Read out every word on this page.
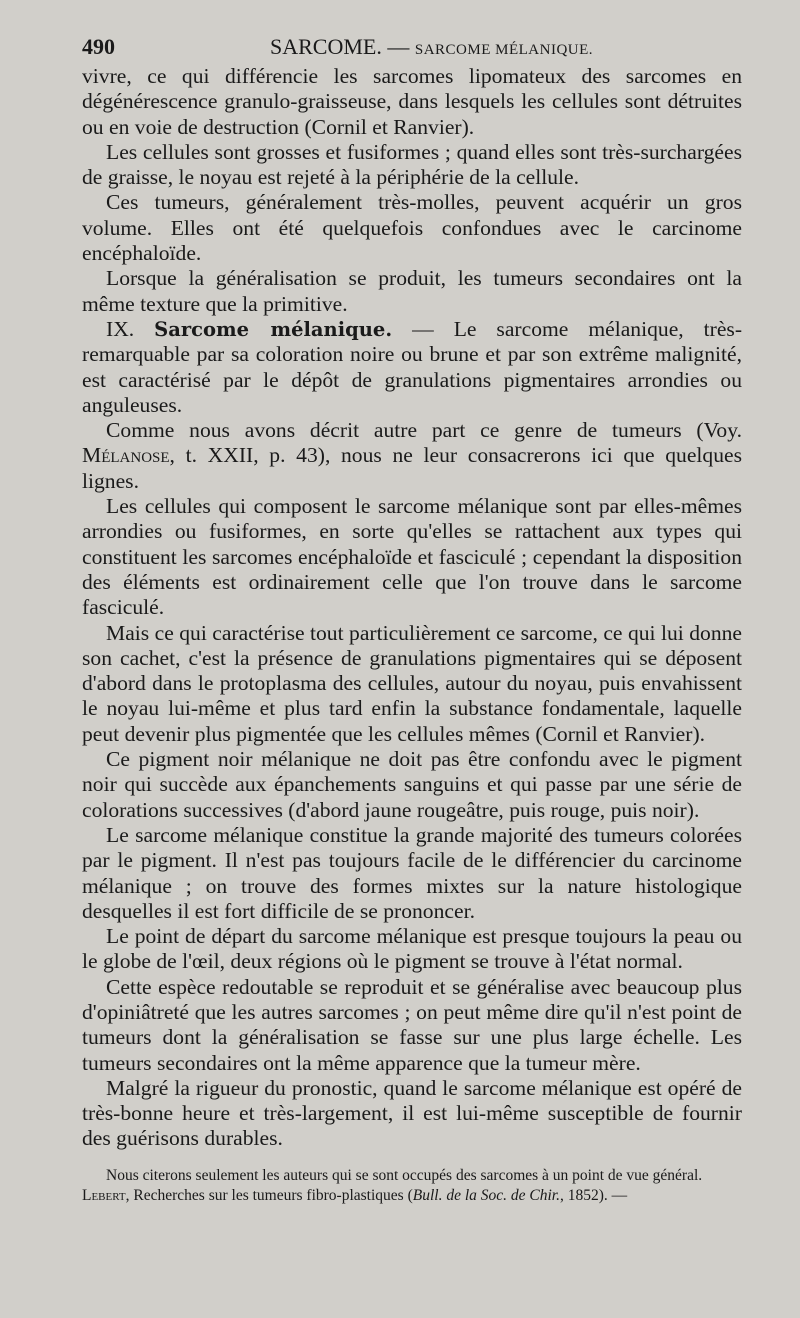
490	SARCOME. — SARCOME MÉLANIQUE.

vivre, ce qui différencie les sarcomes lipomateux des sarcomes en dégénérescence granulo-graisseuse, dans lesquels les cellules sont détruites ou en voie de destruction (Cornil et Ranvier).

Les cellules sont grosses et fusiformes ; quand elles sont très-surchargées de graisse, le noyau est rejeté à la périphérie de la cellule.

Ces tumeurs, généralement très-molles, peuvent acquérir un gros volume. Elles ont été quelquefois confondues avec le carcinome encéphaloïde.

Lorsque la généralisation se produit, les tumeurs secondaires ont la même texture que la primitive.

IX. Sarcome mélanique. — Le sarcome mélanique, très-remarquable par sa coloration noire ou brune et par son extrême malignité, est caractérisé par le dépôt de granulations pigmentaires arrondies ou anguleuses.

Comme nous avons décrit autre part ce genre de tumeurs (Voy. Mélanose, t. XXII, p. 43), nous ne leur consacrerons ici que quelques lignes.

Les cellules qui composent le sarcome mélanique sont par elles-mêmes arrondies ou fusiformes, en sorte qu'elles se rattachent aux types qui constituent les sarcomes encéphaloïde et fasciculé ; cependant la disposition des éléments est ordinairement celle que l'on trouve dans le sarcome fasciculé.

Mais ce qui caractérise tout particulièrement ce sarcome, ce qui lui donne son cachet, c'est la présence de granulations pigmentaires qui se déposent d'abord dans le protoplasma des cellules, autour du noyau, puis envahissent le noyau lui-même et plus tard enfin la substance fondamentale, laquelle peut devenir plus pigmentée que les cellules mêmes (Cornil et Ranvier).

Ce pigment noir mélanique ne doit pas être confondu avec le pigment noir qui succède aux épanchements sanguins et qui passe par une série de colorations successives (d'abord jaune rougeâtre, puis rouge, puis noir).

Le sarcome mélanique constitue la grande majorité des tumeurs colorées par le pigment. Il n'est pas toujours facile de le différencier du carcinome mélanique ; on trouve des formes mixtes sur la nature histologique desquelles il est fort difficile de se prononcer.

Le point de départ du sarcome mélanique est presque toujours la peau ou le globe de l'œil, deux régions où le pigment se trouve à l'état normal.

Cette espèce redoutable se reproduit et se généralise avec beaucoup plus d'opiniâtreté que les autres sarcomes ; on peut même dire qu'il n'est point de tumeurs dont la généralisation se fasse sur une plus large échelle. Les tumeurs secondaires ont la même apparence que la tumeur mère.

Malgré la rigueur du pronostic, quand le sarcome mélanique est opéré de très-bonne heure et très-largement, il est lui-même susceptible de fournir des guérisons durables.

Nous citerons seulement les auteurs qui se sont occupés des sarcomes à un point de vue général.

Lebert, Recherches sur les tumeurs fibro-plastiques (Bull. de la Soc. de Chir., 1852). —
